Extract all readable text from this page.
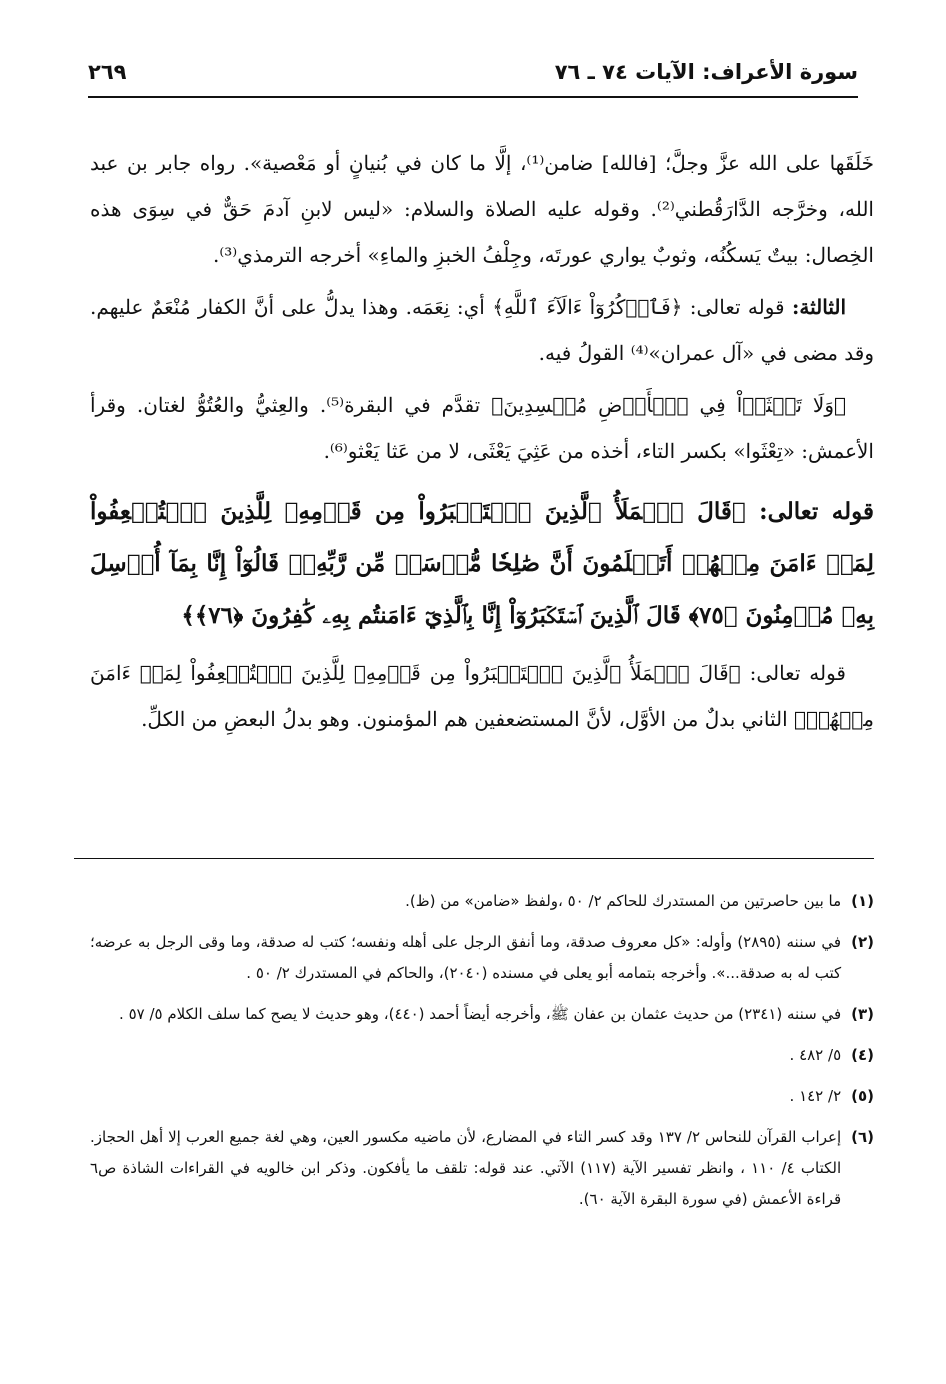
سورة الأعراف: الآيات ٧٤ ـ ٧٦
٢٦٩

خَلَقَها على الله عزَّ وجلَّ؛ [فالله] ضامن⁽¹⁾، إلَّا ما كان في بُنيانٍ أو مَعْصية». رواه جابر بن عبد الله، وخرَّجه الدَّارَقُطني⁽²⁾. وقوله عليه الصلاة والسلام: «ليس لابنِ آدمَ حَقٌّ في سِوَى هذه الخِصال: بيتٌ يَسكُنُه، وثوبٌ يواري عورتَه، وجِلْفُ الخبزِ والماءِ» أخرجه الترمذي⁽³⁾.

الثالثة: قوله تعالى: ﴿فَٱذۡكُرُوٓاْ ءَالَآءَ ٱللَّهِ﴾ أي: نِعَمَه. وهذا يدلُّ على أنَّ الكفار مُنْعَمٌ عليهم. وقد مضى في «آل عمران»⁽⁴⁾ القولُ فيه.

﴿وَلَا تَعۡثَوۡاْ فِي ٱلۡأَرۡضِ مُفۡسِدِينَ﴾ تقدَّم في البقرة⁽⁵⁾. والعِثيُّ والعُتُوُّ لغتان. وقرأ الأعمش: «تِعْثَوا» بكسر التاء، أخذه من عَثِيَ يَعْثَى، لا من عَثا يَعْثو⁽⁶⁾.

قوله تعالى: ﴿قَالَ ٱلۡمَلَأُ ٱلَّذِينَ ٱسۡتَكۡبَرُواْ مِن قَوۡمِهِۦ لِلَّذِينَ ٱسۡتُضۡعِفُواْ لِمَنۡ ءَامَنَ مِنۡهُمۡ أَتَعۡلَمُونَ أَنَّ صَٰلِحٗا مُّرۡسَلٞ مِّن رَّبِّهِۦۚ قَالُوٓاْ إِنَّا بِمَآ أُرۡسِلَ بِهِۦ مُؤۡمِنُونَ ﴿٧٥﴾ قَالَ ٱلَّذِينَ ٱسۡتَكۡبَرُوٓاْ إِنَّا بِٱلَّذِيٓ ءَامَنتُم بِهِۦ كَٰفِرُونَ ﴿٧٦﴾﴾

قوله تعالى: ﴿قَالَ ٱلۡمَلَأُ ٱلَّذِينَ ٱسۡتَكۡبَرُواْ مِن قَوۡمِهِۦ لِلَّذِينَ ٱسۡتُضۡعِفُواْ لِمَنۡ ءَامَنَ مِنۡهُمۡ﴾ الثاني بدلٌ من الأوَّل، لأنَّ المستضعفين هم المؤمنون. وهو بدلُ البعضِ من الكلِّ.

(١)
ما بين حاصرتين من المستدرك للحاكم ٢/ ٥٠ ،ولفظ «ضامن» من (ظ).
(٢)
في سننه (٢٨٩٥) وأوله: «كل معروف صدقة، وما أنفق الرجل على أهله ونفسه؛ كتب له صدقة، وما وقى الرجل به عرضه؛ كتب له به صدقة...». وأخرجه بتمامه أبو يعلى في مسنده (٢٠٤٠)، والحاكم في المستدرك ٢/ ٥٠ .
(٣)
في سننه (٢٣٤١) من حديث عثمان بن عفان ﷺ، وأخرجه أيضاً أحمد (٤٤٠)، وهو حديث لا يصح كما سلف الكلام ٥/ ٥٧ .
(٤)
٥/ ٤٨٢ .
(٥)
٢/ ١٤٢ .
(٦)
إعراب القرآن للنحاس ٢/ ١٣٧ وقد كسر التاء في المضارع، لأن ماضيه مكسور العين، وهي لغة جميع العرب إلا أهل الحجاز. الكتاب ٤/ ١١٠ ، وانظر تفسير الآية (١١٧) الآتي. عند قوله: تلقف ما يأفكون. وذكر ابن خالويه في القراءات الشاذة ص٦ قراءة الأعمش (في سورة البقرة الآية ٦٠).
